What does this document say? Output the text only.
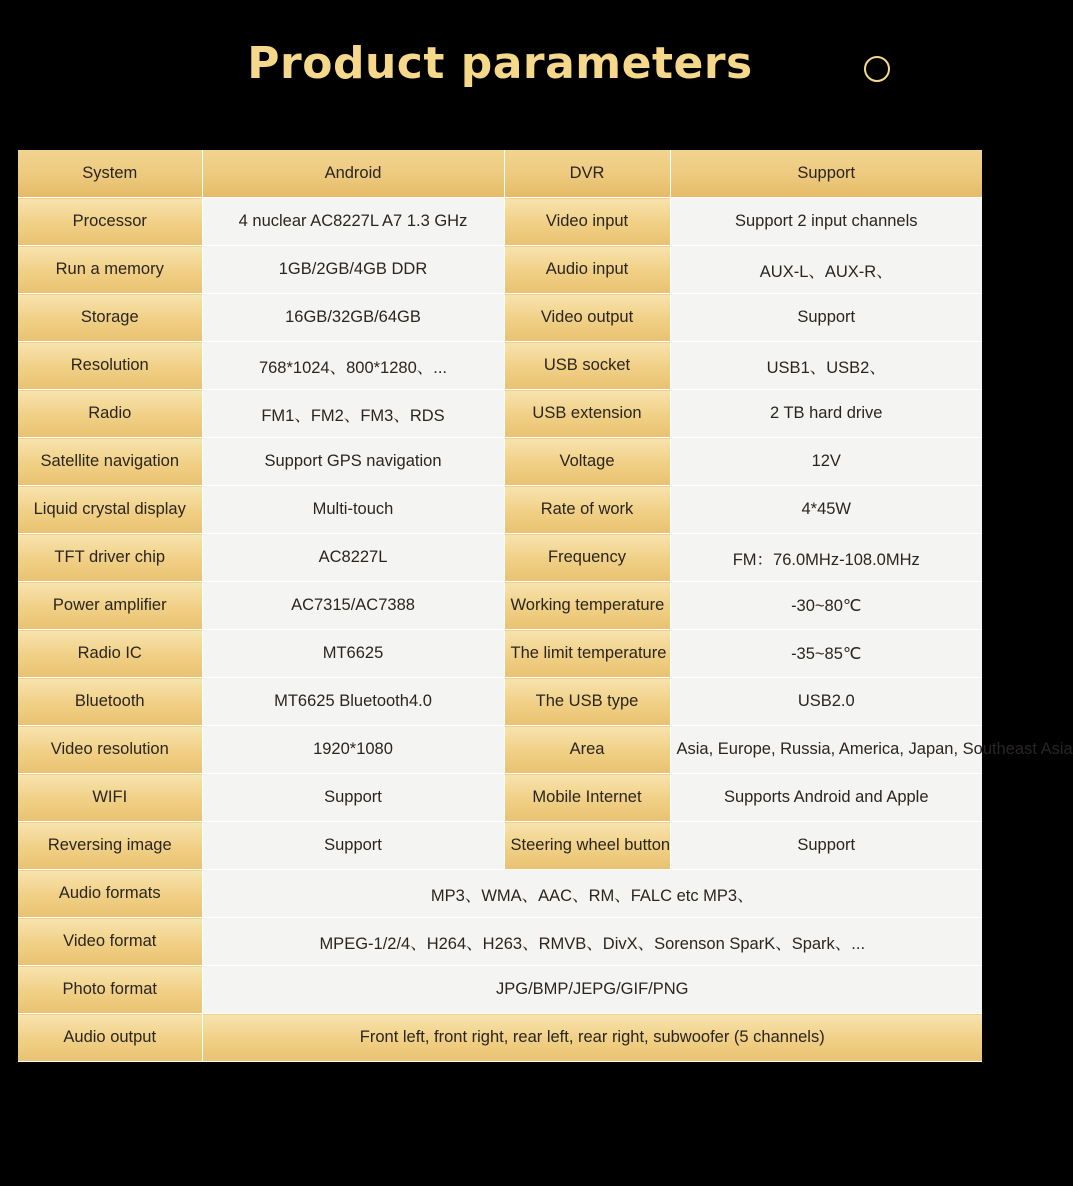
Product parameters
System	Android	DVR	Support
Processor	4 nuclear AC8227L A7 1.3 GHz	Video input	Support 2 input channels
Run a memory	1GB/2GB/4GB DDR	Audio input	AUX-L、AUX-R、
Storage	16GB/32GB/64GB	Video output	Support
Resolution	768*1024、800*1280、...	USB socket	USB1、USB2、
Radio	FM1、FM2、FM3、RDS	USB extension	2 TB hard drive
Satellite navigation	Support GPS navigation	Voltage	12V
Liquid crystal display	Multi-touch	Rate of work	4*45W
TFT driver chip	AC8227L	Frequency	FM：76.0MHz-108.0MHz
Power amplifier	AC7315/AC7388	Working temperature	-30~80℃
Radio IC	MT6625	The limit temperature	-35~85℃
Bluetooth	MT6625 Bluetooth4.0	The USB type	USB2.0
Video resolution	1920*1080	Area	Asia, Europe, Russia, America, Japan, Southeast Asia
WIFI	Support	Mobile Internet	Supports Android and Apple
Reversing image	Support	Steering wheel button	Support
Audio formats	MP3、WMA、AAC、RM、FALC etc MP3、		
Video format	MPEG-1/2/4、H264、H263、RMVB、DivX、Sorenson SparK、Spark、...		
Photo format	JPG/BMP/JEPG/GIF/PNG		
Audio output	Front left, front right, rear left, rear right, subwoofer (5 channels)		
